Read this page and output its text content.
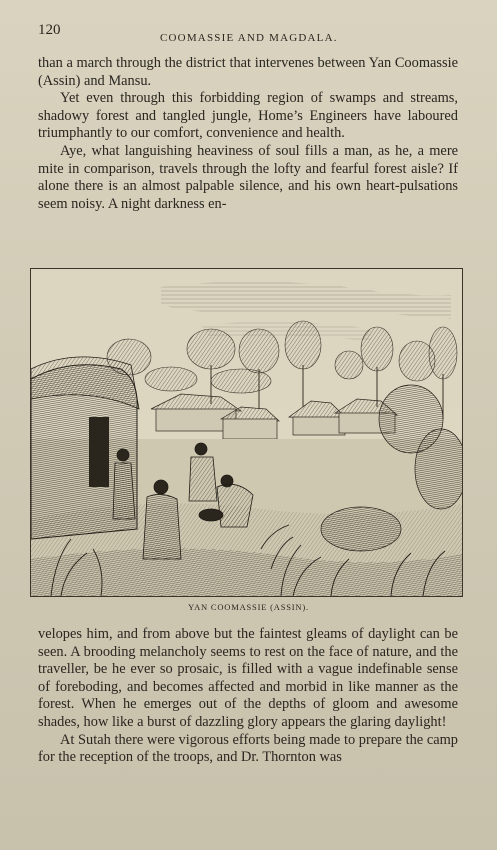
120	COOMASSIE AND MAGDALA.

than a march through the district that intervenes between Yan Coomassie (Assin) and Mansu.

Yet even through this forbidding region of swamps and streams, shadowy forest and tangled jungle, Home’s Engineers have laboured triumphantly to our comfort, convenience and health.

Aye, what languishing heaviness of soul fills a man, as he, a mere mite in comparison, travels through the lofty and fearful forest aisle? If alone there is an almost palpable silence, and his own heart-pulsations seem noisy. A night darkness en-

YAN COOMASSIE (ASSIN).

velopes him, and from above but the faintest gleams of daylight can be seen. A brooding melancholy seems to rest on the face of nature, and the traveller, be he ever so prosaic, is filled with a vague indefinable sense of foreboding, and becomes affected and morbid in like manner as the forest. When he emerges out of the depths of gloom and awesome shades, how like a burst of dazzling glory appears the glaring daylight!

At Sutah there were vigorous efforts being made to prepare the camp for the reception of the troops, and Dr. Thornton was
